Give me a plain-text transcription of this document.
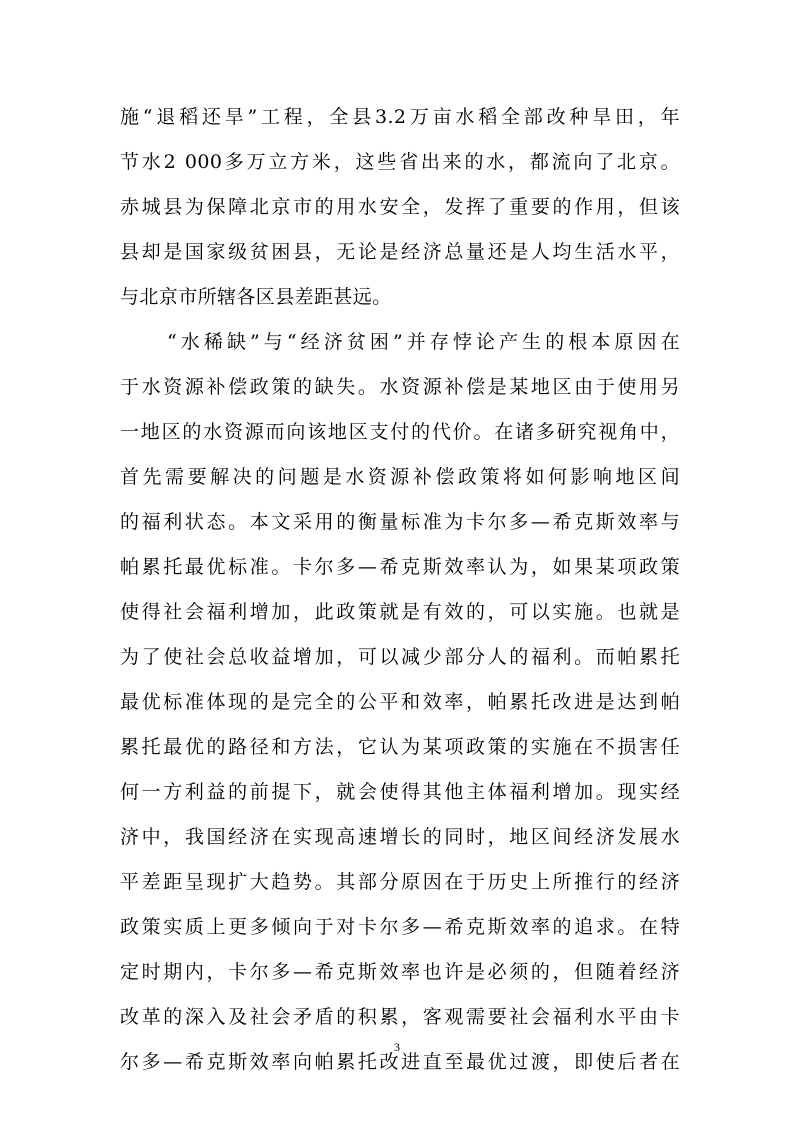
施“退稻还旱”工程，全县3.2万亩水稻全部改种旱田，年
节水2 000多万立方米，这些省出来的水，都流向了北京。
赤城县为保障北京市的用水安全，发挥了重要的作用，但该
县却是国家级贫困县，无论是经济总量还是人均生活水平，
与北京市所辖各区县差距甚远。
“水稀缺”与“经济贫困”并存悖论产生的根本原因在
于水资源补偿政策的缺失。水资源补偿是某地区由于使用另
一地区的水资源而向该地区支付的代价。在诸多研究视角中，
首先需要解决的问题是水资源补偿政策将如何影响地区间
的福利状态。本文采用的衡量标准为卡尔多—希克斯效率与
帕累托最优标准。卡尔多—希克斯效率认为，如果某项政策
使得社会福利增加，此政策就是有效的，可以实施。也就是
为了使社会总收益增加，可以减少部分人的福利。而帕累托
最优标准体现的是完全的公平和效率，帕累托改进是达到帕
累托最优的路径和方法，它认为某项政策的实施在不损害任
何一方利益的前提下，就会使得其他主体福利增加。现实经
济中，我国经济在实现高速增长的同时，地区间经济发展水
平差距呈现扩大趋势。其部分原因在于历史上所推行的经济
政策实质上更多倾向于对卡尔多—希克斯效率的追求。在特
定时期内，卡尔多—希克斯效率也许是必须的，但随着经济
改革的深入及社会矛盾的积累，客观需要社会福利水平由卡
尔多—希克斯效率向帕累托改进直至最优过渡，即使后者在
3
